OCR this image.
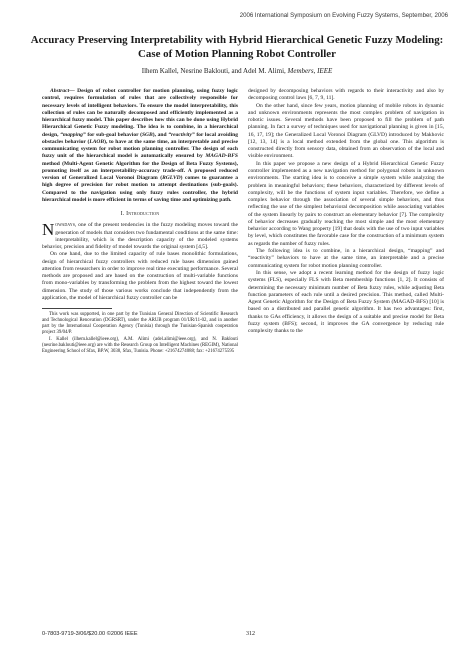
2006 International Symposium on Evolving Fuzzy Systems, September, 2006
Accuracy Preserving Interpretability with Hybrid Hierarchical Genetic Fuzzy Modeling: Case of Motion Planning Robot Controller
Ilhem Kallel, Nesrine Baklouti, and Adel M. Alimi, Members, IEEE

Abstract— Design of robot controller for motion planning, using fuzzy logic control, requires formulation of rules that are collectively responsible for necessary levels of intelligent behaviors. To ensure the model interpretability, this collection of rules can be naturally decomposed and efficiently implemented as a hierarchical fuzzy model. This paper describes how this can be done using Hybrid Hierarchical Genetic Fuzzy modeling. The idea is to combine, in a hierarchical design, “mapping” for sub-goal behavior (SGB), and “reactivity” for local avoiding obstacles behavior (LAOB), to have at the same time, an interpretable and precise communicating system for robot motion planning controller. The design of each fuzzy unit of the hierarchical model is automatically ensured by MAGAD-BFS method (Multi-Agent Genetic Algorithm for the Design of Beta Fuzzy Systems), promoting itself as an interpretability-accuracy trade-off. A proposed reduced version of Generalized Local Voronoi Diagram (RGLVD) comes to guarantee a high degree of precision for robot motion to attempt destinations (sub-goals). Compared to the navigation using only fuzzy rules controller, the hybrid hierarchical model is more efficient in terms of saving time and optimizing path.

I. Introduction

Nowadays, one of the present tendencies in the fuzzy modeling moves toward the generation of models that considers two fundamental conditions at the same time: interpretability, which is the description capacity of the modeled systems behavior, precision and fidelity of model towards the original system [4,5].

On one hand, due to the limited capacity of rule bases monolithic formulations, design of hierarchical fuzzy controllers with reduced rule bases dimension gained attention from researchers in order to improve real time executing performance. Several methods are proposed and are based on the construction of multi-variable functions from mono-variables by transforming the problem from the highest toward the lowest dimension. The study of those various works conclude that independently from the application, the model of hierarchical fuzzy controller can be

This work was supported, in one part by the Tunisian General Direction of Scientific Research and Technological Renovation (DGRSRT), under the ARUB program 01/UR/11-02, and in another part by the International Cooperation Agency (Tunisia) through the Tunisian-Spanish cooperation project 39/04/P.

I. Kallel (ilhem.kallel@ieee.org), A.M. Alimi (adel.alimi@ieee.org), and N. Baklouti (nesrine.baklouti@ieee.org) are with the Research Group on Intelligent Machines (REGIM), National Engineering School of Sfax, BP.W, 3038, Sfax, Tunisia. Phone: +21674274088; fax: +21674275595

designed by decomposing behaviors with regards to their interactivity and also by decomposing control laws [6, 7, 9, 11].

On the other hand, since few years, motion planning of mobile robots in dynamic and unknown environments represents the most complex problem of navigation in robotic issues. Several methods have been proposed to fill the problem of path planning. In fact a survey of techniques used for navigational planning is given in [15, 16, 17, 19]; the Generalized Local Voronoi Diagram (GLVD) introduced by Makhovic [12, 13, 14] is a local method extended from the global one. This algorithm is constructed directly from sensory data, obtained from an observation of the local and visible environment.

In this paper we propose a new design of a Hybrid Hierarchical Genetic Fuzzy controller implemented as a new navigation method for polygonal robots in unknown environments. The starting idea is to conceive a simple system while analyzing the problem in meaningful behaviors; these behaviors, characterized by different levels of complexity, will be the functions of system input variables. Therefore, we define a complex behavior through the association of several simple behaviors, and thus reflecting the use of the simplest behavioral decomposition while associating variables of the system linearly by pairs to construct an elementary behavior [7]. The complexity of behavior decreases gradually reaching the most simple and the most elementary behavior according to Wang property [19] that deals with the use of two input variables by level, which constitutes the favorable case for the construction of a minimum system as regards the number of fuzzy rules.

The following idea is to combine, in a hierarchical design, “mapping” and “reactivity” behaviors to have at the same time, an interpretable and a precise communicating system for robot motion planning controller.

In this sense, we adopt a recent learning method for the design of fuzzy logic systems (FLS), especially FLS with Beta membership functions [1, 2]. It consists of determining the necessary minimum number of Beta fuzzy rules, while adjusting Beta function parameters of each rule until a desired precision. This method, called Multi-Agent Genetic Algorithm for the Design of Beta Fuzzy System (MAGAD-BFS) [10] is based on a distributed and parallel genetic algorithm. It has two advantages: first, thanks to GAs efficiency, it allows the design of a suitable and precise model for Beta fuzzy system (BFS); second, it improves the GA convergence by reducing rule complexity thanks to the

0-7803-9719-3/06/$20.00 ©2006 IEEE	312
